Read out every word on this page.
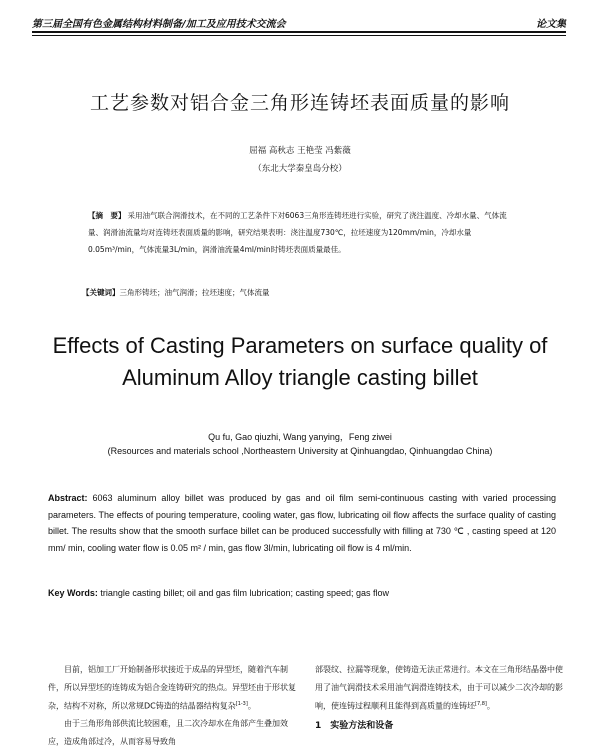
第三届全国有色金属结构材料制备/加工及应用技术交流会	论文集
工艺参数对铝合金三角形连铸坯表面质量的影响
屈福 高秋志 王艳莹 冯紫薇
（东北大学秦皇岛分校）
【摘　要】 采用油气联合润滑技术，在不同的工艺条件下对6063三角形连铸坯进行实验，研究了浇注温度、冷却水量、气体流量、润滑油流量均对连铸坯表面质量的影响，研究结果表明：浇注温度730℃，拉坯速度为120mm/min，冷却水量0.05m³/min，气体流量3L/min，润滑油流量4ml/min时铸坯表面质量最佳。
【关键词】三角形铸坯；油气润滑；拉坯速度；气体流量
Effects of Casting Parameters on surface quality of
Aluminum Alloy triangle casting billet
Qu fu, Gao qiuzhi, Wang yanying，Feng ziwei
(Resources and materials school ,Northeastern University at Qinhuangdao, Qinhuangdao China)
Abstract: 6063 aluminum alloy billet was produced by gas and oil film semi-continuous casting with varied processing parameters. The effects of pouring temperature, cooling water, gas flow, lubricating oil flow affects the surface quality of casting billet. The results show that the smooth surface billet can be produced successfully with filling at 730 ℃ , casting speed at 120 mm/ min, cooling water flow is 0.05 m² / min, gas flow 3l/min, lubricating oil flow is 4 ml/min.
Key Words: triangle casting billet; oil and gas film lubrication; casting speed; gas flow

目前，铝加工厂开始制备形状接近于成品的异型坯，随着汽车制件，所以异型坯的连铸成为铝合金连铸研究的热点。异型坯由于形状复杂，结构不对称，所以常规DC铸造的结晶器结构复杂[1-3]。

由于三角形角部供流比较困难，且二次冷却水在角部产生叠加效应，造成角部过冷，从而容易导致角

部裂纹、拉漏等现象，使铸造无法正常进行。本文在三角形结晶器中使用了油气润滑技术采用油气润滑连铸技术，由于可以减少二次冷却的影响，使连铸过程顺利且能得到高质量的连铸坯[7,8]。

1　实验方法和设备
